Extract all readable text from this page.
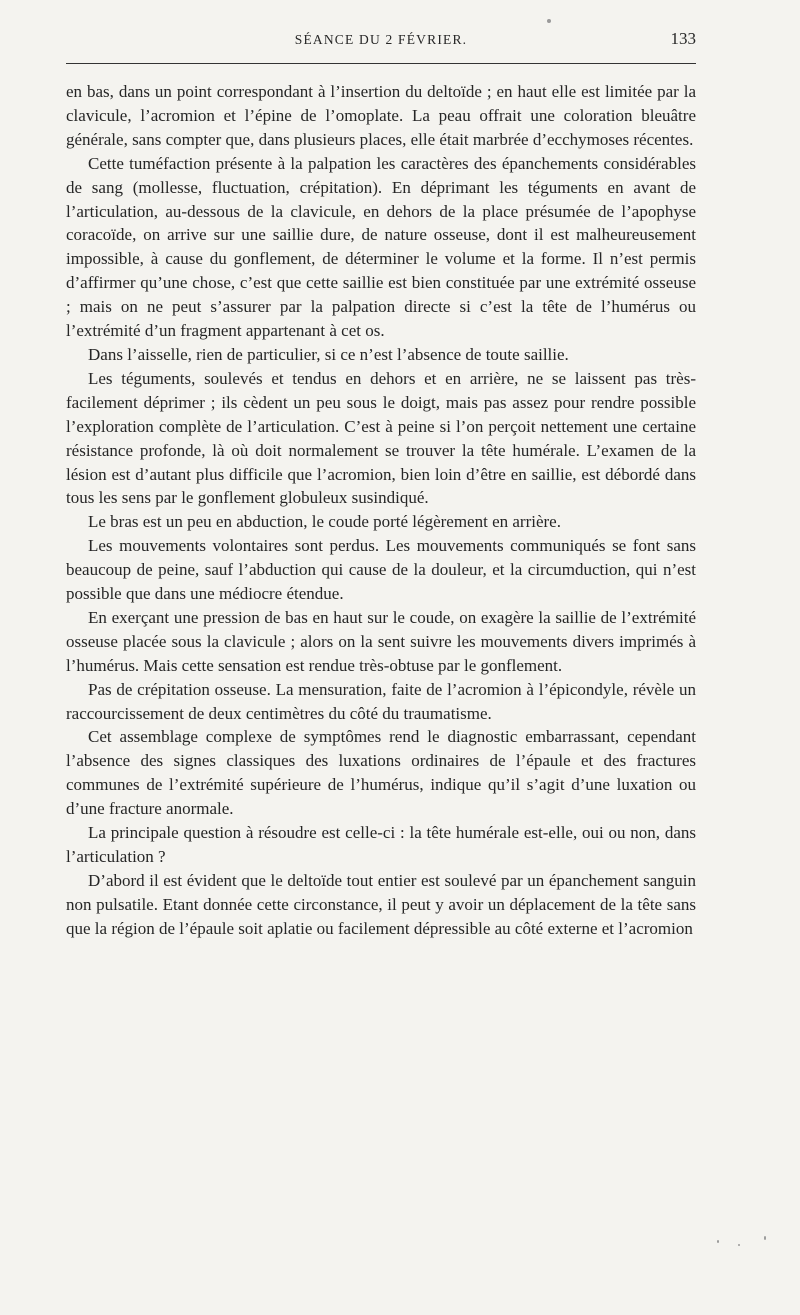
SÉANCE DU 2 FÉVRIER.	133

en bas, dans un point correspondant à l’insertion du deltoïde ; en haut elle est limitée par la clavicule, l’acromion et l’épine de l’omoplate. La peau offrait une coloration bleuâtre générale, sans compter que, dans plusieurs places, elle était marbrée d’ecchymoses récentes.

Cette tuméfaction présente à la palpation les caractères des épanchements considérables de sang (mollesse, fluctuation, crépitation). En déprimant les téguments en avant de l’articulation, au-dessous de la clavicule, en dehors de la place présumée de l’apophyse coracoïde, on arrive sur une saillie dure, de nature osseuse, dont il est malheureusement impossible, à cause du gonflement, de déterminer le volume et la forme. Il n’est permis d’affirmer qu’une chose, c’est que cette saillie est bien constituée par une extrémité osseuse ; mais on ne peut s’assurer par la palpation directe si c’est la tête de l’humérus ou l’extrémité d’un fragment appartenant à cet os.

Dans l’aisselle, rien de particulier, si ce n’est l’absence de toute saillie.

Les téguments, soulevés et tendus en dehors et en arrière, ne se laissent pas très-facilement déprimer ; ils cèdent un peu sous le doigt, mais pas assez pour rendre possible l’exploration complète de l’articulation. C’est à peine si l’on perçoit nettement une certaine résistance profonde, là où doit normalement se trouver la tête humérale. L’examen de la lésion est d’autant plus difficile que l’acromion, bien loin d’être en saillie, est débordé dans tous les sens par le gonflement globuleux susindiqué.

Le bras est un peu en abduction, le coude porté légèrement en arrière.

Les mouvements volontaires sont perdus. Les mouvements communiqués se font sans beaucoup de peine, sauf l’abduction qui cause de la douleur, et la circumduction, qui n’est possible que dans une médiocre étendue.

En exerçant une pression de bas en haut sur le coude, on exagère la saillie de l’extrémité osseuse placée sous la clavicule ; alors on la sent suivre les mouvements divers imprimés à l’humérus. Mais cette sensation est rendue très-obtuse par le gonflement.

Pas de crépitation osseuse. La mensuration, faite de l’acromion à l’épicondyle, révèle un raccourcissement de deux centimètres du côté du traumatisme.

Cet assemblage complexe de symptômes rend le diagnostic embarrassant, cependant l’absence des signes classiques des luxations ordinaires de l’épaule et des fractures communes de l’extrémité supérieure de l’humérus, indique qu’il s’agit d’une luxation ou d’une fracture anormale.

La principale question à résoudre est celle-ci : la tête humérale est-elle, oui ou non, dans l’articulation ?

D’abord il est évident que le deltoïde tout entier est soulevé par un épanchement sanguin non pulsatile. Etant donnée cette circonstance, il peut y avoir un déplacement de la tête sans que la région de l’épaule soit aplatie ou facilement dépressible au côté externe et l’acromion
